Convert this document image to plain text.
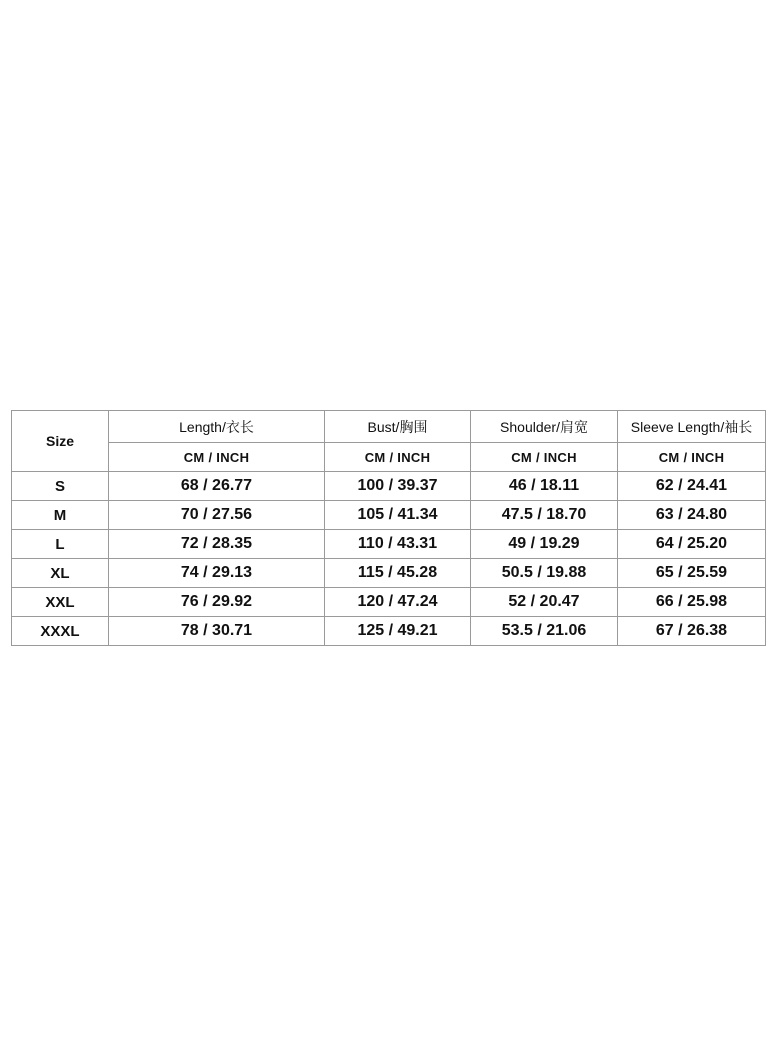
Size	Length/衣长	Bust/胸围	Shoulder/肩宽	Sleeve Length/袖长
	CM / INCH	CM / INCH	CM / INCH	CM / INCH
S	68 / 26.77	100 / 39.37	46 / 18.11	62 / 24.41
M	70 / 27.56	105 / 41.34	47.5 / 18.70	63 / 24.80
L	72 / 28.35	110 / 43.31	49 / 19.29	64 / 25.20
XL	74 / 29.13	115 / 45.28	50.5 / 19.88	65 / 25.59
XXL	76 / 29.92	120 / 47.24	52 / 20.47	66 / 25.98
XXXL	78 / 30.71	125 / 49.21	53.5 / 21.06	67 / 26.38
